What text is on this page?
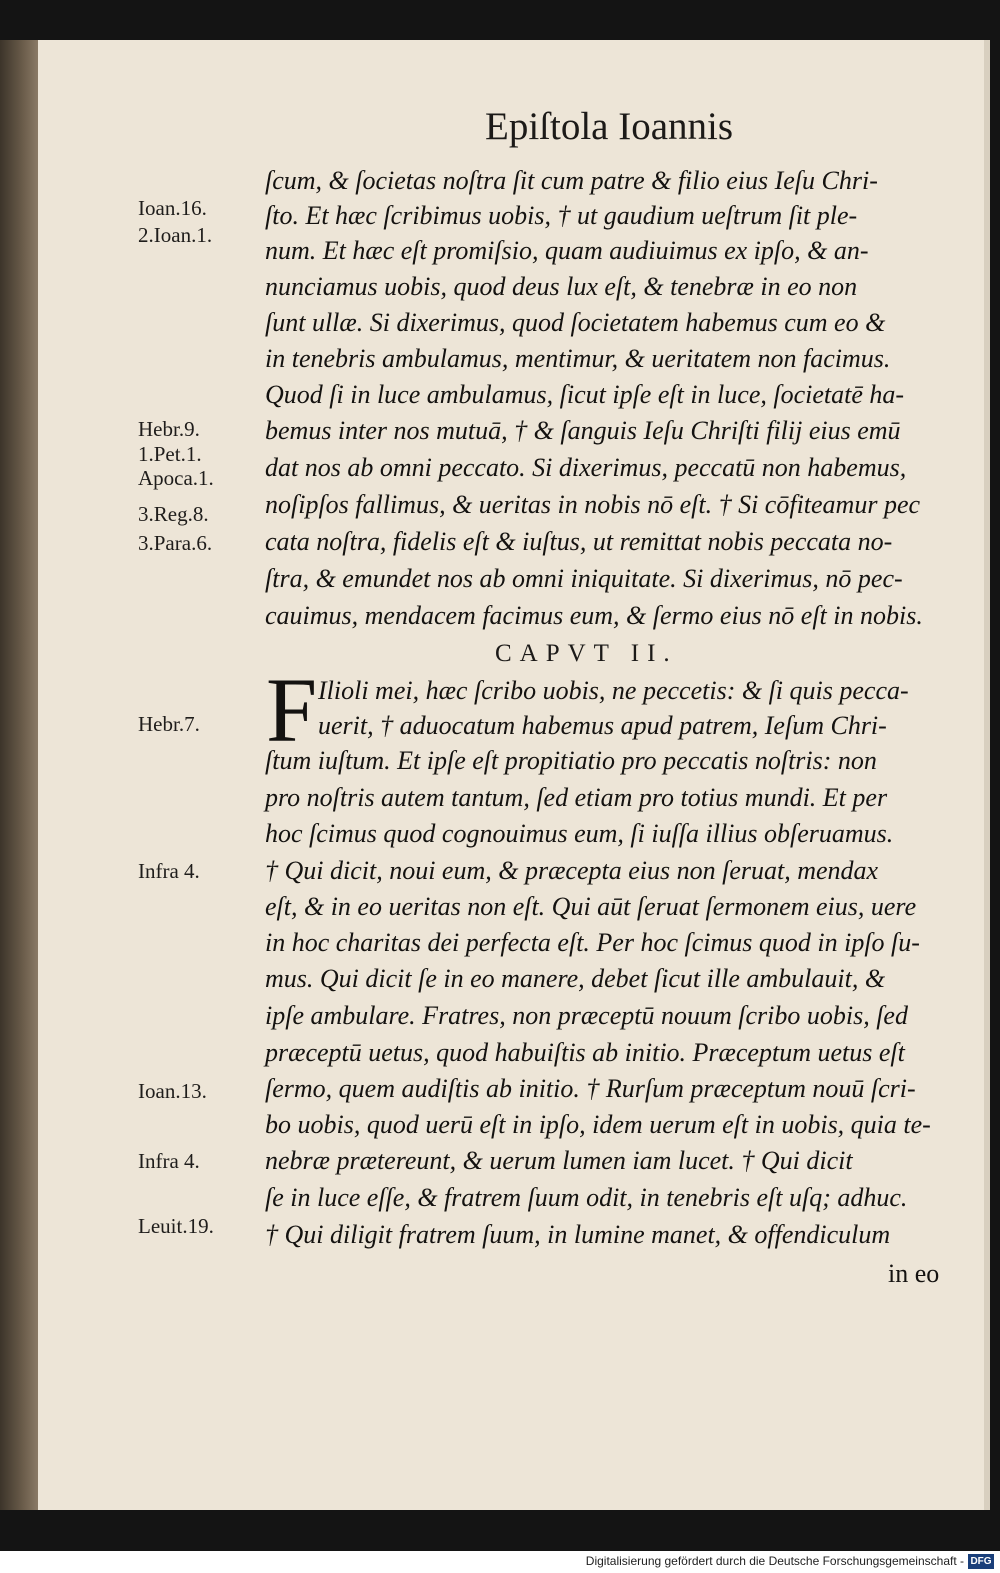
Epiſtola Ioannis
Ioan.16.
2.Ioan.1.
Hebr.9.
1.Pet.1.
Apoca.1.
3.Reg.8.
3.Para.6.
Hebr.7.
Infra 4.
Ioan.13.
Infra 4.
Leuit.19.
ſcum, & ſocietas noſtra ſit cum patre & filio eius Ieſu Chri-
ſto. Et hæc ſcribimus uobis, † ut gaudium ueſtrum ſit ple-
num. Et hæc eſt promiſsio, quam audiuimus ex ipſo, & an-
nunciamus uobis, quod deus lux eſt, & tenebræ in eo non
ſunt ullæ. Si dixerimus, quod ſocietatem habemus cum eo &
in tenebris ambulamus, mentimur, & ueritatem non facimus.
Quod ſi in luce ambulamus, ſicut ipſe eſt in luce, ſocietatē ha-
bemus inter nos mutuā, † & ſanguis Ieſu Chriſti filij eius emū
dat nos ab omni peccato. Si dixerimus, peccatū non habemus,
noſipſos fallimus, & ueritas in nobis nō eſt. † Si cōfiteamur pec
cata noſtra, fidelis eſt & iuſtus, ut remittat nobis peccata no-
ſtra, & emundet nos ab omni iniquitate. Si dixerimus, nō pec-
cauimus, mendacem facimus eum, & ſermo eius nō eſt in nobis.
CAPVT II.
F Ilioli mei, hæc ſcribo uobis, ne peccetis: & ſi quis pecca-
uerit, † aduocatum habemus apud patrem, Ieſum Chri-
ſtum iuſtum. Et ipſe eſt propitiatio pro peccatis noſtris: non
pro noſtris autem tantum, ſed etiam pro totius mundi. Et per
hoc ſcimus quod cognouimus eum, ſi iuſſa illius obſeruamus.
† Qui dicit, noui eum, & præcepta eius non ſeruat, mendax
eſt, & in eo ueritas non eſt. Qui aūt ſeruat ſermonem eius, uere
in hoc charitas dei perfecta eſt. Per hoc ſcimus quod in ipſo ſu-
mus. Qui dicit ſe in eo manere, debet ſicut ille ambulauit, &
ipſe ambulare. Fratres, non præceptū nouum ſcribo uobis, ſed
præceptū uetus, quod habuiſtis ab initio. Præceptum uetus eſt
ſermo, quem audiſtis ab initio. † Rurſum præceptum nouū ſcri-
bo uobis, quod uerū eſt in ipſo, idem uerum eſt in uobis, quia te-
nebræ prætereunt, & uerum lumen iam lucet. † Qui dicit
ſe in luce eſſe, & fratrem ſuum odit, in tenebris eſt uſq; adhuc.
† Qui diligit fratrem ſuum, in lumine manet, & offendiculum
in eo
Digitalisierung gefördert durch die Deutsche Forschungsgemeinschaft - DFG
